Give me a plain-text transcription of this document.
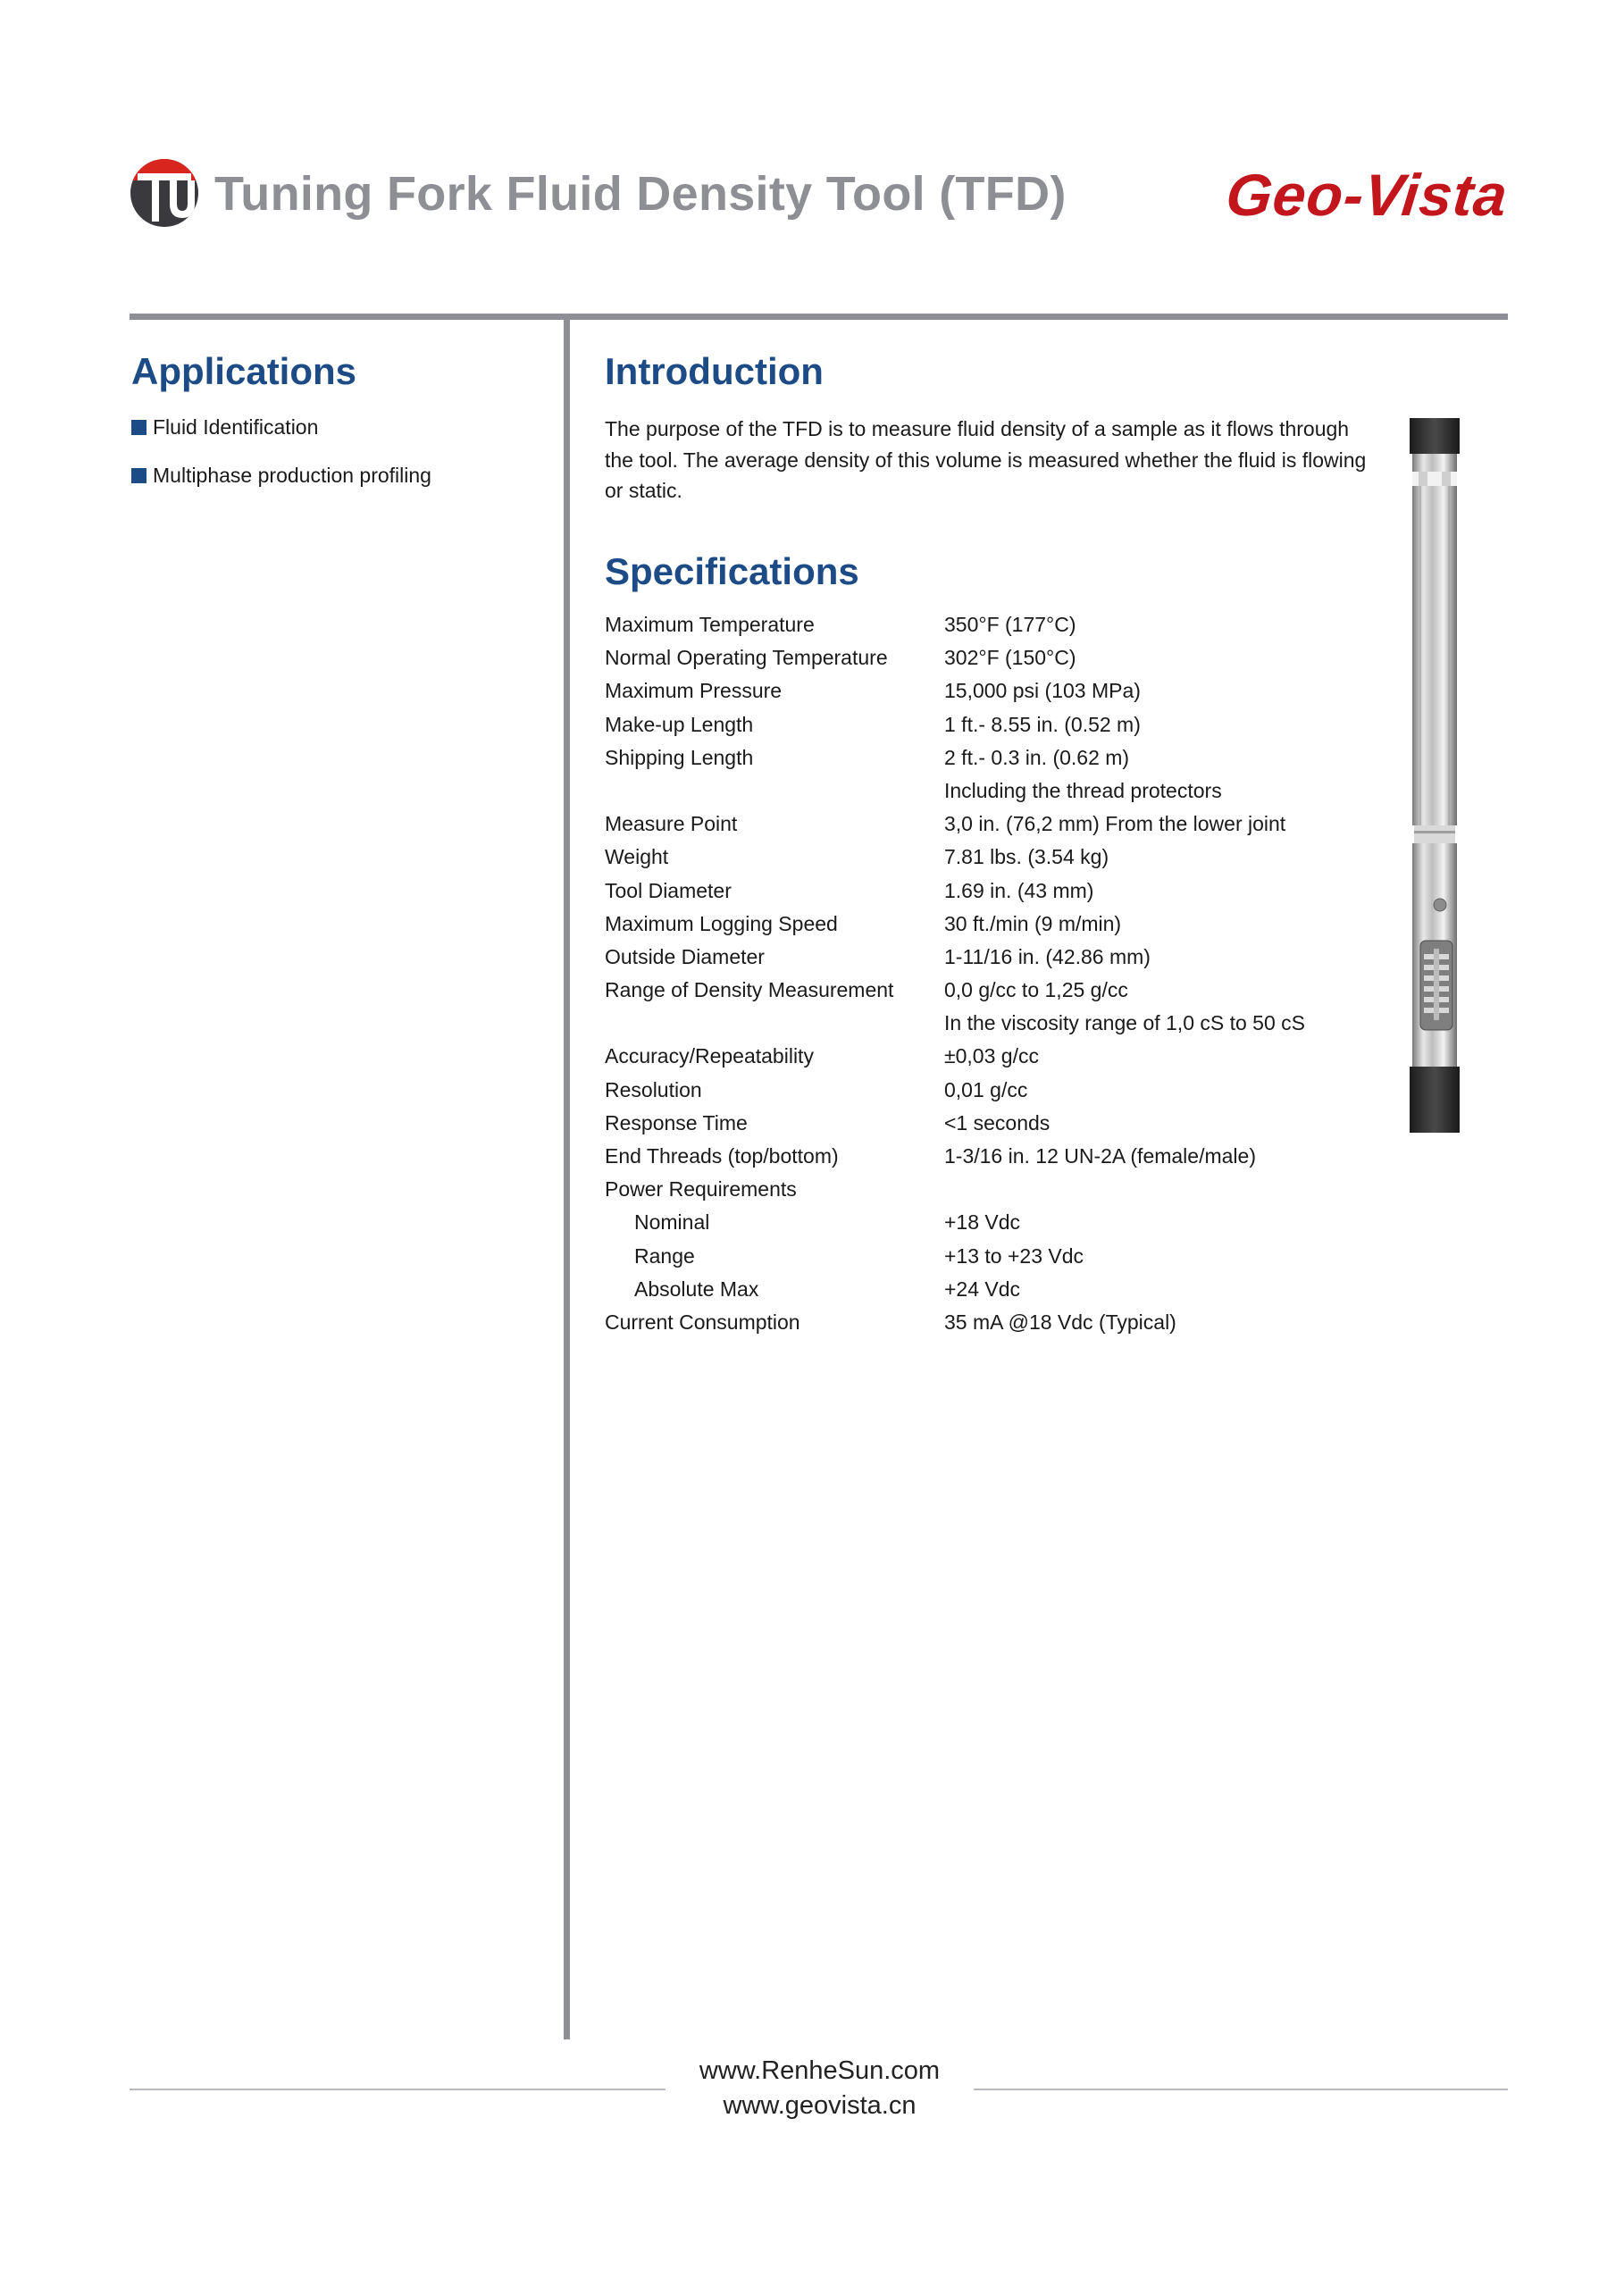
Tuning Fork Fluid Density Tool (TFD)	Geo-Vista
Applications
Fluid Identification
Multiphase production profiling
Introduction

The purpose of the TFD is to measure fluid density of a sample as it flows through the tool. The average density of this volume is measured whether the fluid is flowing or static.

Specifications
Maximum Temperature	350°F (177°C)
Normal Operating Temperature	302°F (150°C)
Maximum Pressure	15,000 psi (103 MPa)
Make-up Length	1 ft.- 8.55 in. (0.52 m)
Shipping Length	2 ft.- 0.3 in. (0.62 m)
Including the thread protectors
Measure Point	3,0 in. (76,2 mm) From the lower joint
Weight	7.81 lbs. (3.54 kg)
Tool Diameter	1.69 in. (43 mm)
Maximum Logging Speed	30 ft./min (9 m/min)
Outside Diameter	1-11/16 in. (42.86 mm)
Range of Density Measurement 0,0 g/cc to 1,25 g/cc
In the viscosity range of 1,0 cS to 50 cS
Accuracy/Repeatability	±0,03 g/cc
Resolution	0,01 g/cc
Response Time	<1 seconds
End Threads (top/bottom)	1-3/16 in. 12 UN-2A (female/male)
Power Requirements
Nominal	+18 Vdc
Range	+13 to +23 Vdc
Absolute Max	+24 Vdc
Current Consumption	35 mA @18 Vdc (Typical)
www.RenheSun.com
www.geovista.cn
